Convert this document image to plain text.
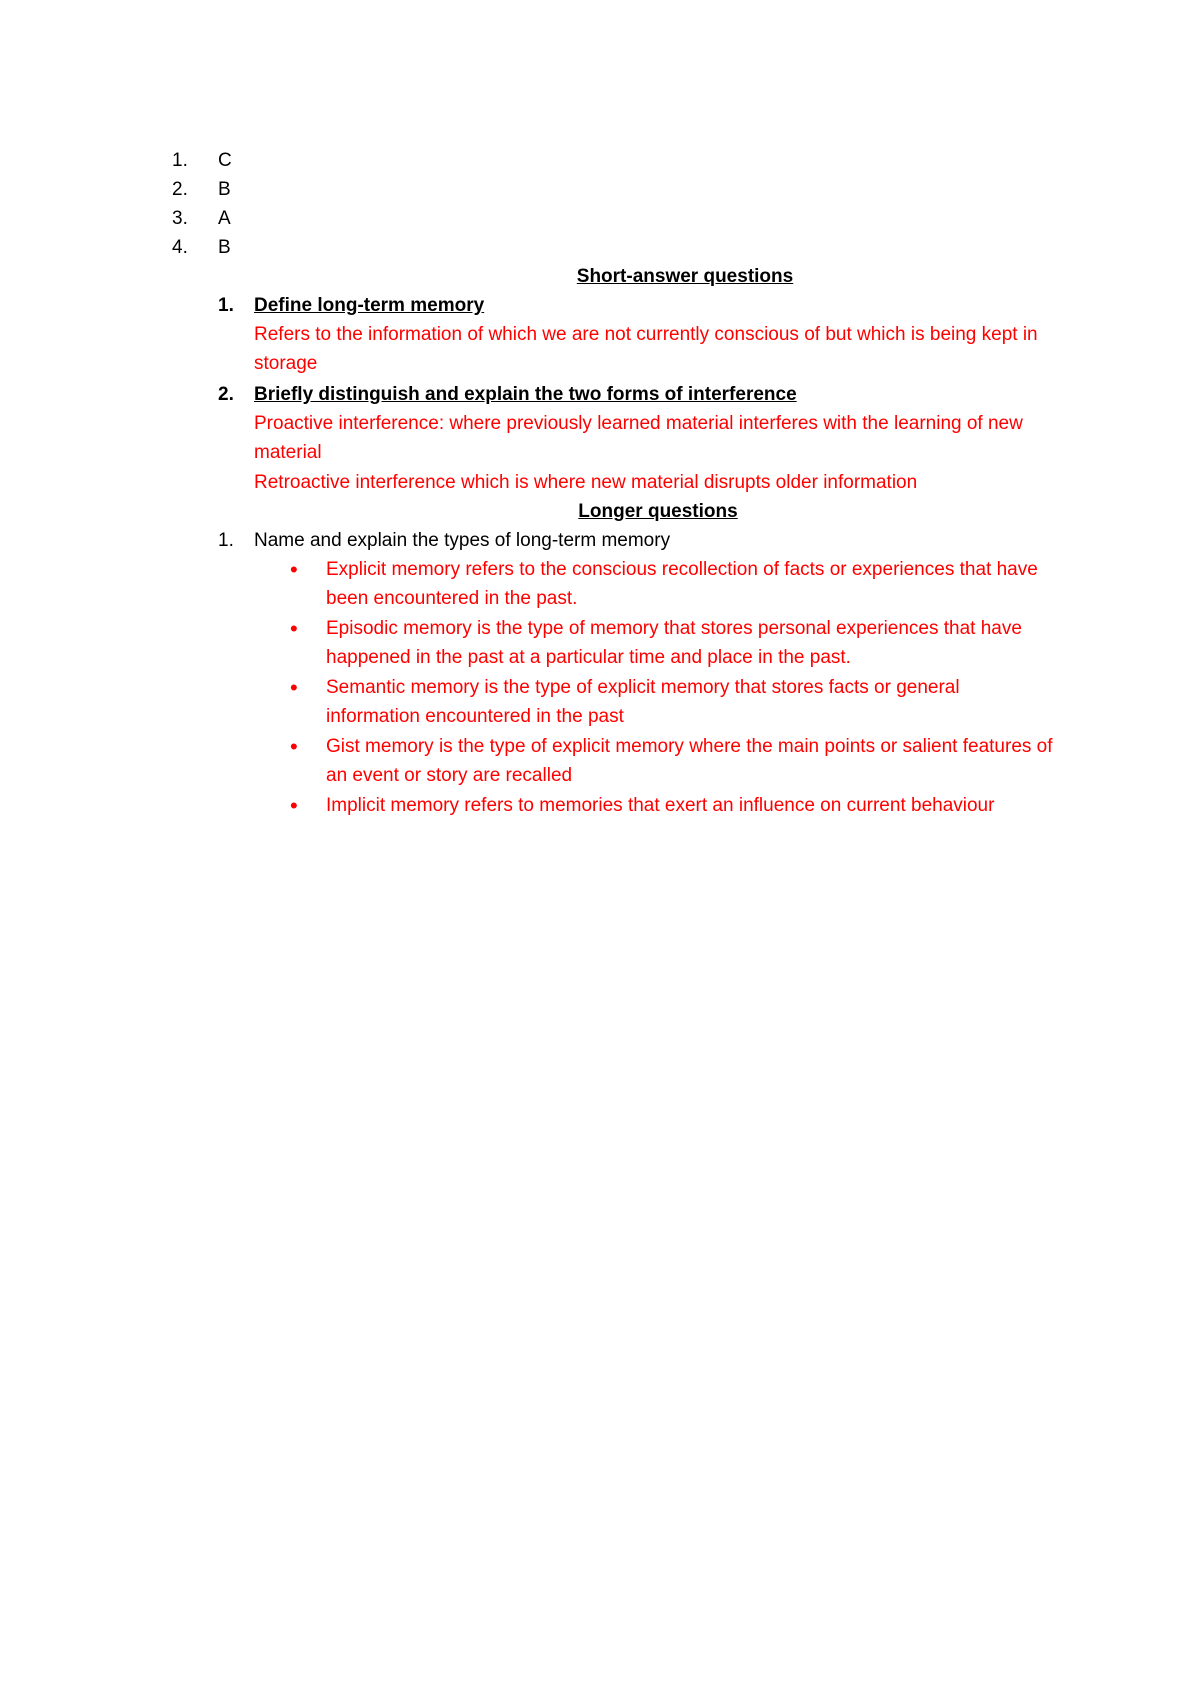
1. C
2. B
3. A
4. B
Short-answer questions
1. Define long-term memory
Refers to the information of which we are not currently conscious of but which is being kept in storage
2. Briefly distinguish and explain the two forms of interference
Proactive interference: where previously learned material interferes with the learning of new material
Retroactive interference which is where new material disrupts older information
Longer questions
1. Name and explain the types of long-term memory
•	Explicit memory refers to the conscious recollection of facts or experiences that have been encountered in the past.
•	Episodic memory is the type of memory that stores personal experiences that have happened in the past at a particular time and place in the past.
•	Semantic memory is the type of explicit memory that stores facts or general information encountered in the past
•	Gist memory is the type of explicit memory where the main points or salient features of an event or story are recalled
•	Implicit memory refers to memories that exert an influence on current behaviour
